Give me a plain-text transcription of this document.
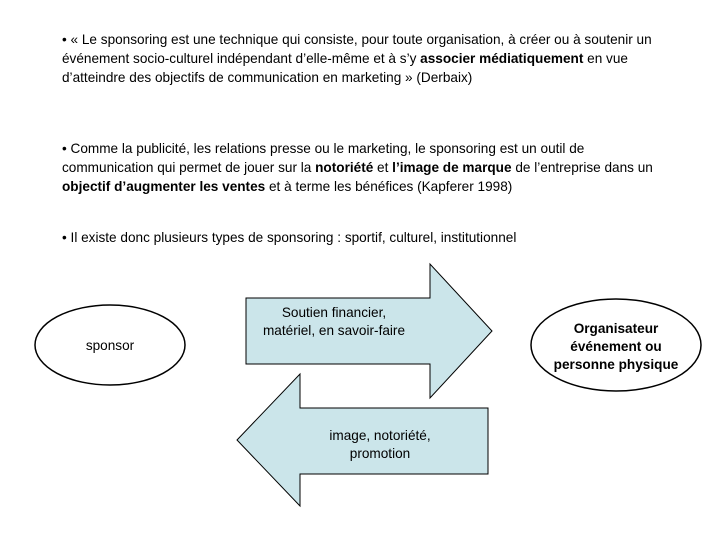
• « Le sponsoring est une technique qui consiste, pour toute organisation, à créer ou à soutenir un événement socio-culturel indépendant d’elle-même et à s’y associer médiatiquement en vue d’atteindre des objectifs de communication en marketing » (Derbaix)

• Comme la publicité, les relations presse ou le marketing, le sponsoring est un outil de communication qui permet de jouer sur la notoriété et l’image de marque de l’entreprise dans un objectif d’augmenter les ventes et à terme les bénéfices (Kapferer 1998)

• Il existe donc plusieurs types de sponsoring : sportif, culturel, institutionnel

sponsor
Organisateur
événement ou
personne physique
Soutien financier,
matériel, en savoir-faire
image, notoriété,
promotion
